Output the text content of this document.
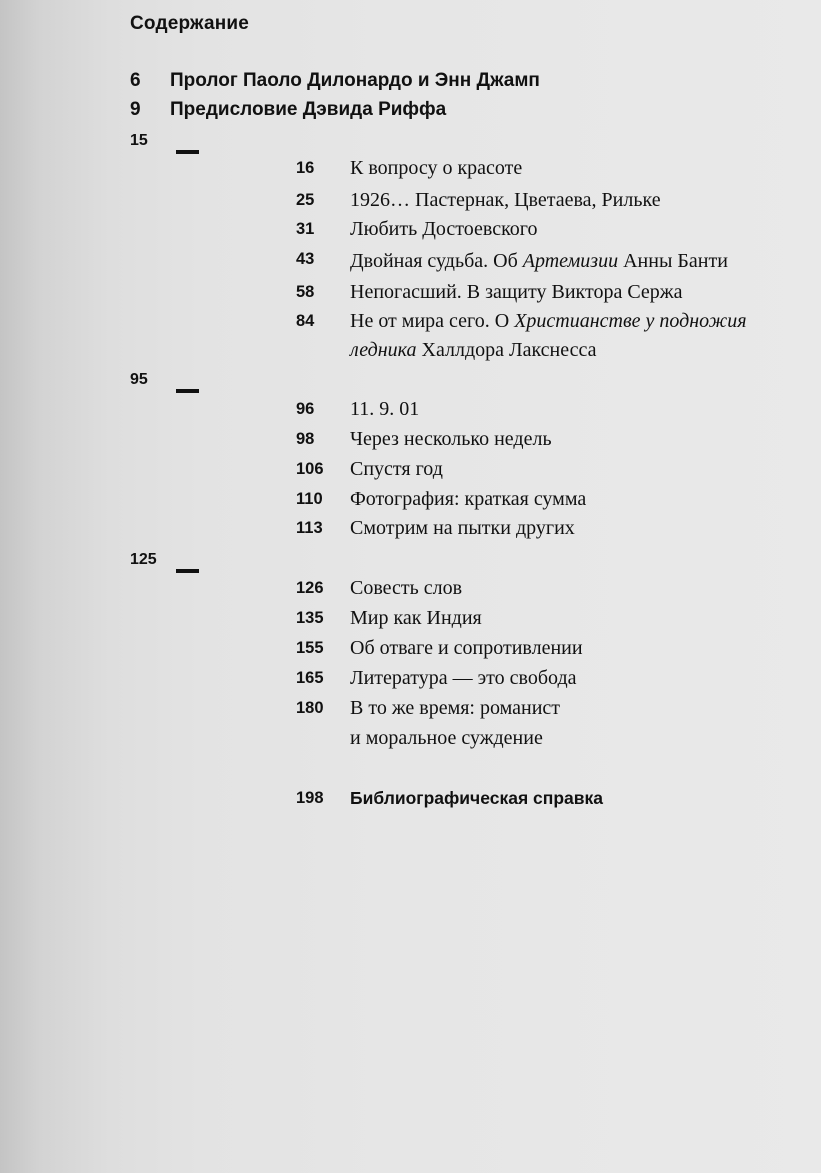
Содержание
6 Пролог Паоло Дилонардо и Энн Джамп
9 Предисловие Дэвида Риффа
15
16 К вопросу о красоте
25 1926… Пастернак, Цветаева, Рильке
31 Любить Достоевского
43 Двойная судьба. Об Артемизии Анны Банти
58 Непогасший. В защиту Виктора Сержа
84 Не от мира сего. О Христианстве у подножия
ледника Халлдора Лакснесса
95
96 11. 9. 01
98 Через несколько недель
106 Спустя год
110 Фотография: краткая сумма
113 Смотрим на пытки других
125
126 Совесть слов
135 Мир как Индия
155 Об отваге и сопротивлении
165 Литература — это свобода
180 В то же время: романист
и моральное суждение
198 Библиографическая справка
